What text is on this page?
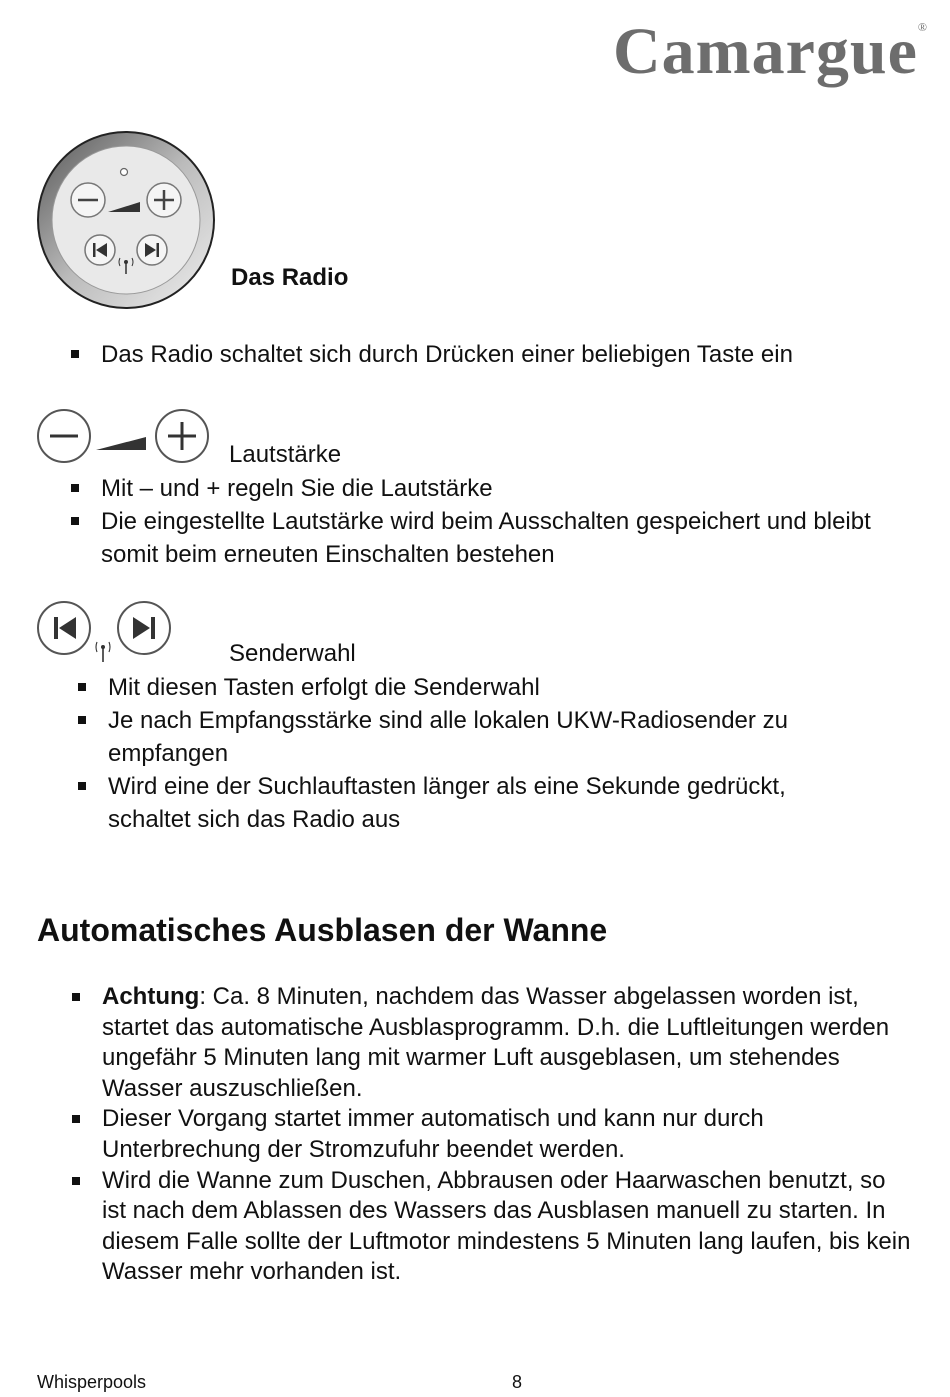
Camargue®
Das Radio
Das Radio schaltet sich durch Drücken einer beliebigen Taste ein
Lautstärke
Mit – und + regeln Sie die Lautstärke
Die eingestellte Lautstärke wird beim Ausschalten gespeichert und bleibt somit beim erneuten Einschalten bestehen
Senderwahl
Mit diesen Tasten erfolgt die Senderwahl
Je nach Empfangsstärke sind alle lokalen UKW-Radiosender zu empfangen
Wird eine der Suchlauftasten länger als eine Sekunde gedrückt, schaltet sich das Radio aus
Automatisches Ausblasen der Wanne
Achtung: Ca. 8 Minuten, nachdem das Wasser abgelassen worden ist, startet das automatische Ausblasprogramm. D.h. die Luftleitungen werden ungefähr 5 Minuten lang mit warmer Luft ausgeblasen, um stehendes Wasser auszuschließen.
Dieser Vorgang startet immer automatisch und kann nur durch Unterbrechung der Stromzufuhr beendet werden.
Wird die Wanne zum Duschen, Abbrausen oder Haarwaschen benutzt, so ist nach dem Ablassen des Wassers das Ausblasen manuell zu starten. In diesem Falle sollte der Luftmotor mindestens 5 Minuten lang laufen, bis kein Wasser mehr vorhanden ist.
Whisperpools	8
